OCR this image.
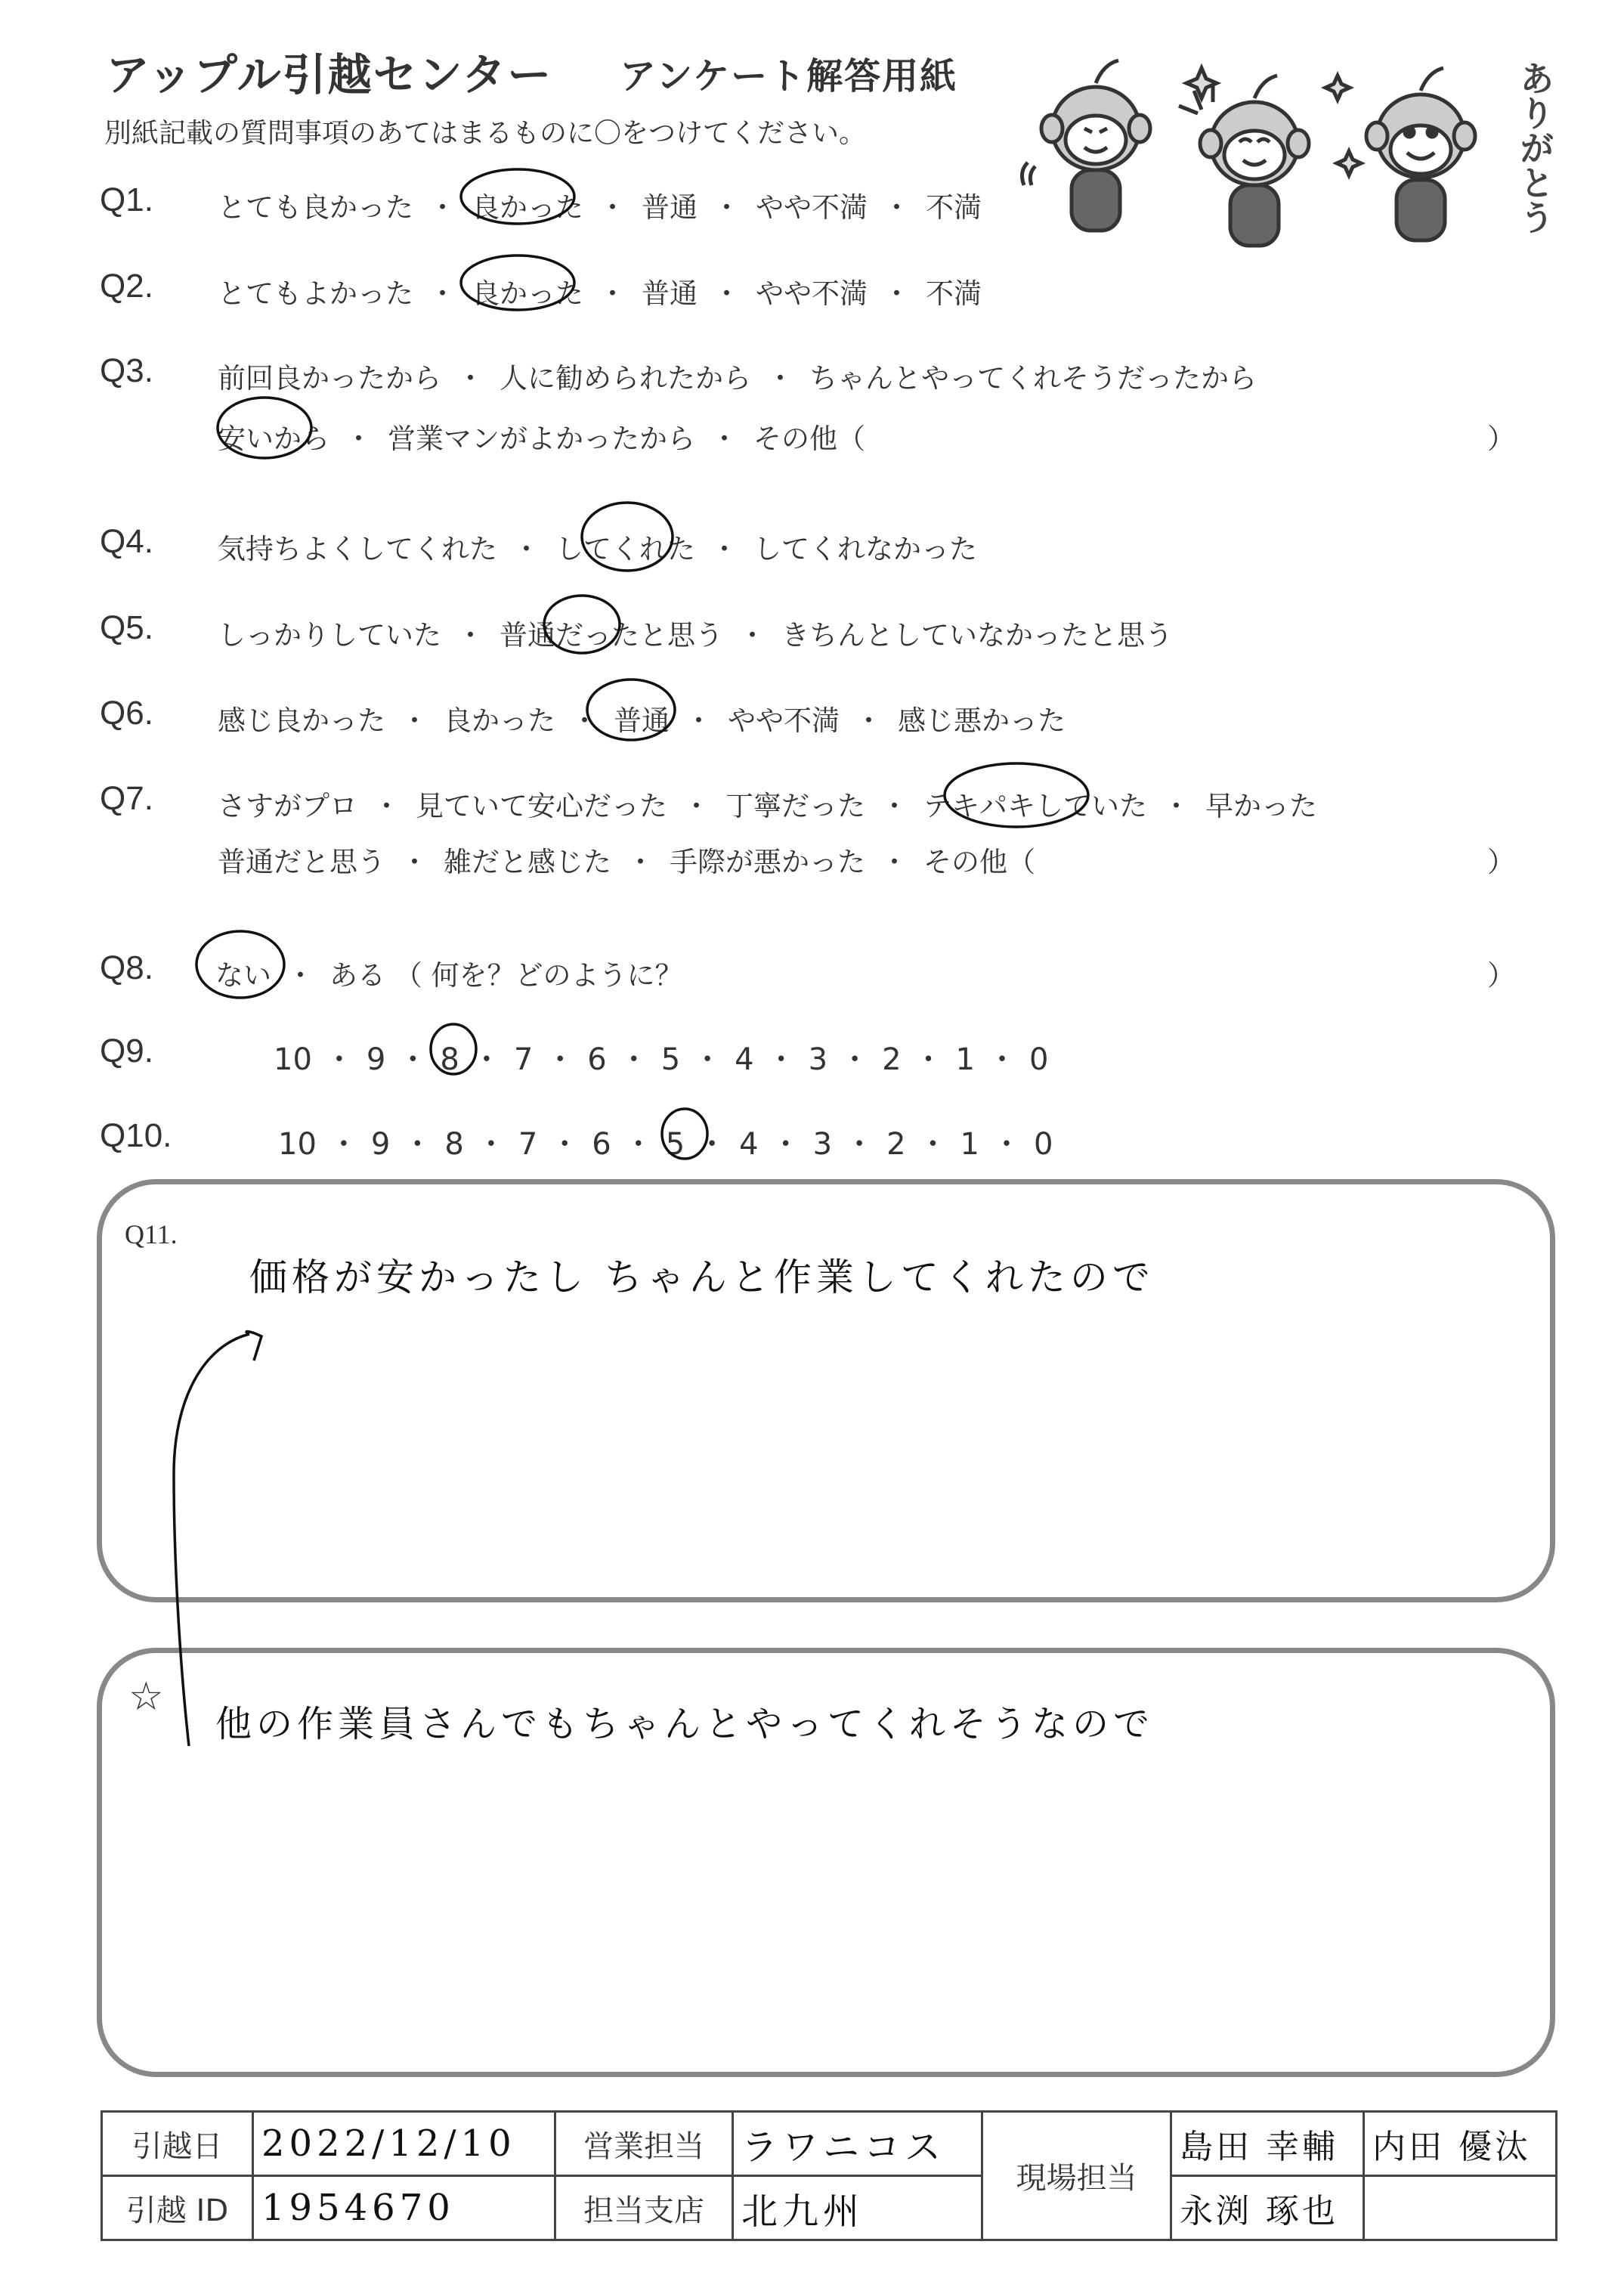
アップル引越センター アンケート解答用紙
別紙記載の質問事項のあてはまるものに〇をつけてください。	ありがとう
Q1. とても良かった ・ 良かった ・ 普通 ・ やや不満 ・ 不満
Q2. とてもよかった ・ 良かった ・ 普通 ・ やや不満 ・ 不満
Q3. 前回良かったから ・ 人に勧められたから ・ ちゃんとやってくれそうだったから
安いから ・ 営業マンがよかったから ・ その他（	）
Q4. 気持ちよくしてくれた ・ してくれた ・ してくれなかった
Q5. しっかりしていた ・ 普通だったと思う ・ きちんとしていなかったと思う
Q6. 感じ良かった ・ 良かった ・ 普通 ・ やや不満 ・ 感じ悪かった
Q7. さすがプロ ・ 見ていて安心だった ・ 丁寧だった ・ テキパキしていた ・ 早かった
普通だと思う ・ 雑だと感じた ・ 手際が悪かった ・ その他（	）
Q8. ない ・ ある （ 何を？どのように？	）
Q9.	10 ・ 9 ・ 8 ・ 7 ・ 6 ・ 5 ・ 4 ・ 3 ・ 2 ・ 1 ・ 0
Q10.	10 ・ 9 ・ 8 ・ 7 ・ 6 ・ 5 ・ 4 ・ 3 ・ 2 ・ 1 ・ 0
Q11.
価格が安かったし ちゃんと作業してくれたので
☆
他の作業員さんでもちゃんとやってくれそうなので
引越日	2022/12/10	営業担当	ラワニコス	現場担当	島田 幸輔	内田 優汰
引越 ID	1954670	担当支店	北九州		永渕 琢也	
